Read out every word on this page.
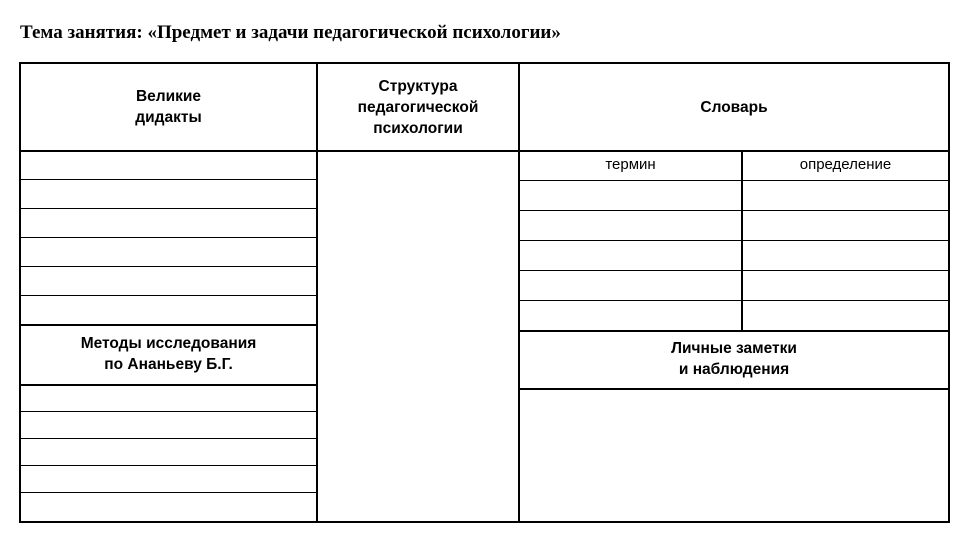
Тема занятия: «Предмет и задачи педагогической психологии»
Великие
дидакты
Методы исследования
по Ананьеву Б.Г.
Структура
педагогической
психологии
Словарь
термин	определение
Личные заметки
и наблюдения
